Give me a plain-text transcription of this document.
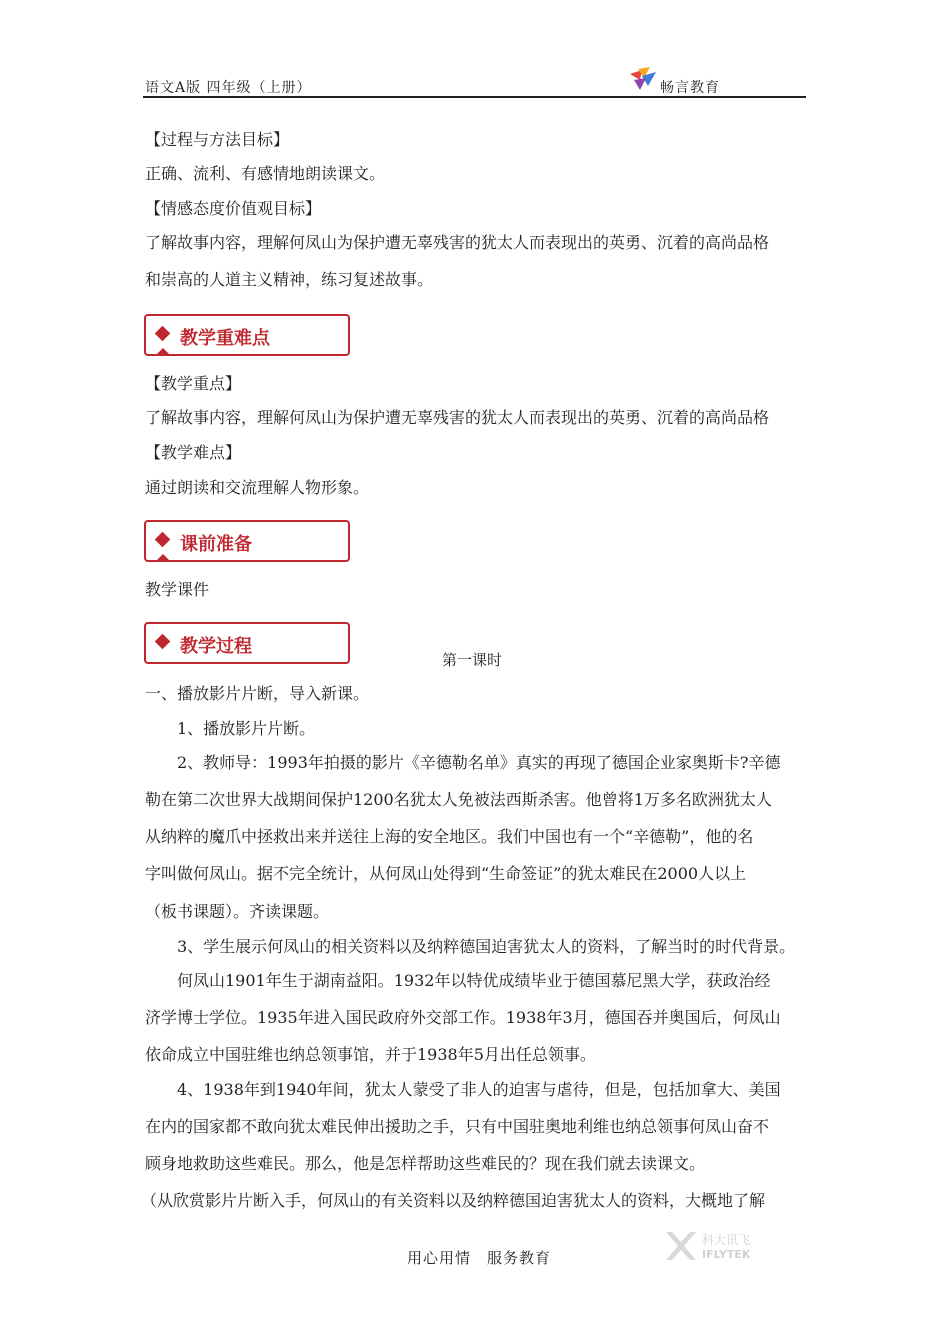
语文A版 四年级（上册）	畅言教育
【过程与方法目标】
正确、流利、有感情地朗读课文。
【情感态度价值观目标】
了解故事内容，理解何凤山为保护遭无辜残害的犹太人而表现出的英勇、沉着的高尚品格
和崇高的人道主义精神，练习复述故事。
教学重难点
【教学重点】
了解故事内容，理解何凤山为保护遭无辜残害的犹太人而表现出的英勇、沉着的高尚品格
【教学难点】
通过朗读和交流理解人物形象。
课前准备
教学课件
教学过程
第一课时
一、播放影片片断，导入新课。
1、播放影片片断。
2、教师导：1993年拍摄的影片《辛德勒名单》真实的再现了德国企业家奥斯卡?辛德
勒在第二次世界大战期间保护1200名犹太人免被法西斯杀害。他曾将1万多名欧洲犹太人
从纳粹的魔爪中拯救出来并送往上海的安全地区。我们中国也有一个“辛德勒”，他的名
字叫做何凤山。据不完全统计，从何凤山处得到“生命签证”的犹太难民在2000人以上
（板书课题）。齐读课题。
3、学生展示何凤山的相关资料以及纳粹德国迫害犹太人的资料，了解当时的时代背景。
何凤山1901年生于湖南益阳。1932年以特优成绩毕业于德国慕尼黑大学，获政治经
济学博士学位。1935年进入国民政府外交部工作。1938年3月，德国吞并奥国后，何凤山
依命成立中国驻维也纳总领事馆，并于1938年5月出任总领事。
4、1938年到1940年间，犹太人蒙受了非人的迫害与虐待，但是，包括加拿大、美国
在内的国家都不敢向犹太难民伸出援助之手，只有中国驻奥地利维也纳总领事何凤山奋不
顾身地救助这些难民。那么，他是怎样帮助这些难民的？现在我们就去读课文。
（从欣赏影片片断入手，何凤山的有关资料以及纳粹德国迫害犹太人的资料，大概地了解
用心用情　服务教育
科大讯飞
IFLYTEK
